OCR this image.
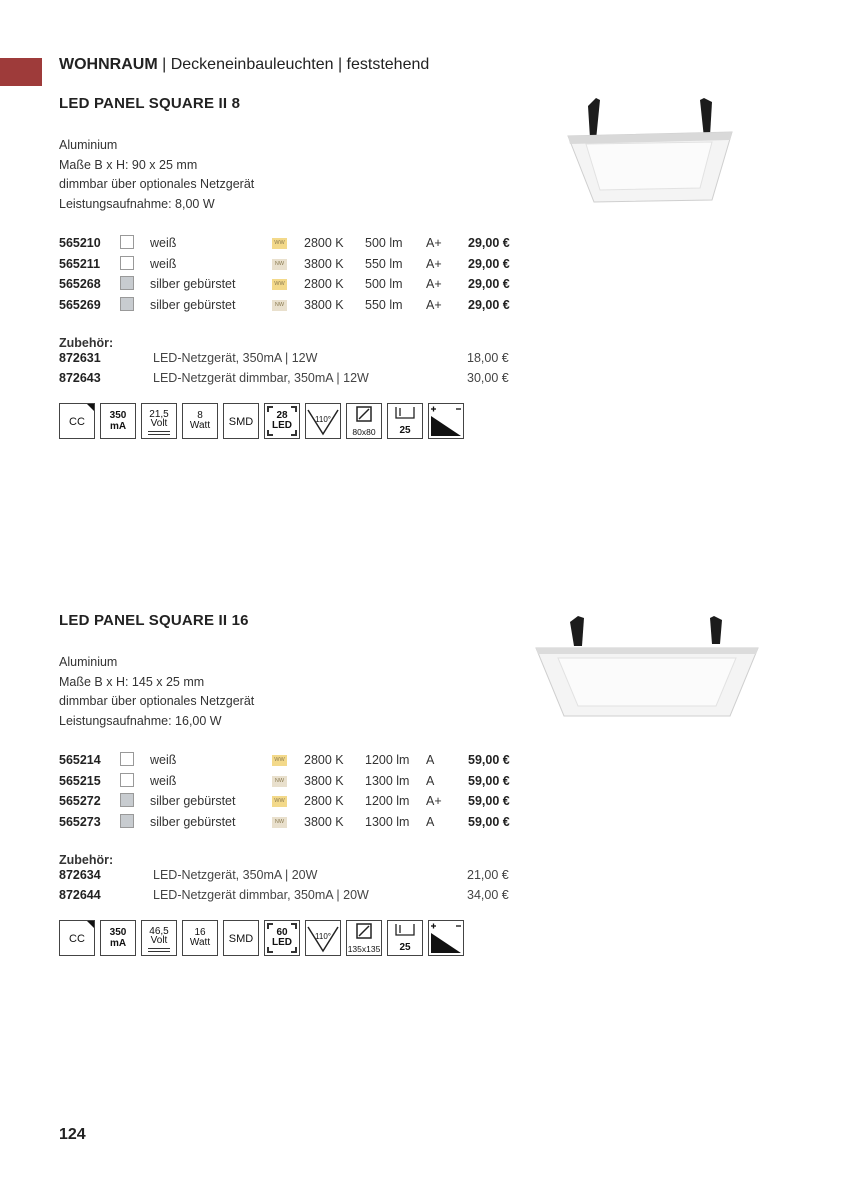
WOHNRAUM | Deckeneinbauleuchten | feststehend
LED PANEL SQUARE II 8
Aluminium
Maße B x H: 90 x 25 mm
dimmbar über optionales Netzgerät
Leistungsaufnahme: 8,00 W
565210	weiß	WW 2800 K 500 lm A+ 29,00 €
565211	weiß	NW 3800 K 550 lm A+ 29,00 €
565268	silber gebürstet	WW 2800 K 500 lm A+ 29,00 €
565269	silber gebürstet	NW 3800 K 550 lm A+ 29,00 €
Zubehör:
872631	LED-Netzgerät, 350mA | 12W	18,00 €
872643	LED-Netzgerät dimmbar, 350mA | 12W	30,00 €
CC
350
mA
21,5
Volt
8
Watt	SMD
28
LED
110°
80x80	25
LED PANEL SQUARE II 16
Aluminium
Maße B x H: 145 x 25 mm
dimmbar über optionales Netzgerät
Leistungsaufnahme: 16,00 W
565214	weiß	WW 2800 K 1200 lm A	59,00 €
565215	weiß	NW 3800 K 1300 lm A	59,00 €
565272	silber gebürstet	WW 2800 K 1200 lm A+ 59,00 €
565273	silber gebürstet	NW 3800 K 1300 lm A	59,00 €
Zubehör:
872634	LED-Netzgerät, 350mA | 20W	21,00 €
872644	LED-Netzgerät dimmbar, 350mA | 20W	34,00 €
CC
350
mA
46,5
Volt
16
Watt	SMD
60
LED
110°
135x135	25
124
